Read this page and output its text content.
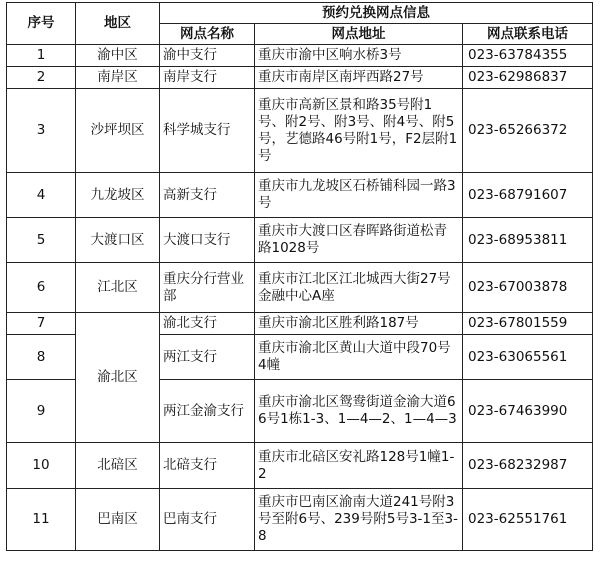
序号	地区	预约兑换网点信息		
		网点名称	网点地址	网点联系电话
1	渝中区	渝中支行	重庆市渝中区响水桥3号	023-63784355
2	南岸区	南岸支行	重庆市南岸区南坪西路27号	023-62986837
3	沙坪坝区	科学城支行	重庆市高新区景和路35号附1号、附2号、附3号、附4号、附5号，艺德路46号附1号，F2层附1号	023-65266372
4	九龙坡区	高新支行	重庆市九龙坡区石桥铺科园一路3号	023-68791607
5	大渡口区	大渡口支行	重庆市大渡口区春晖路街道松青路1028号	023-68953811
6	江北区	重庆分行营业部	重庆市江北区江北城西大街27号金融中心A座	023-67003878
7	渝北区	渝北支行	重庆市渝北区胜利路187号	023-67801559
8		两江支行	重庆市渝北区黄山大道中段70号4幢	023-63065561
9		两江金渝支行	重庆市渝北区鸳鸯街道金渝大道66号1栋1-3、1—4—2、1—4—3	023-67463990
10	北碚区	北碚支行	重庆市北碚区安礼路128号1幢1-2	023-68232987
11	巴南区	巴南支行	重庆市巴南区渝南大道241号附3号至附6号、239号附5号3-1至3-8	023-62551761
